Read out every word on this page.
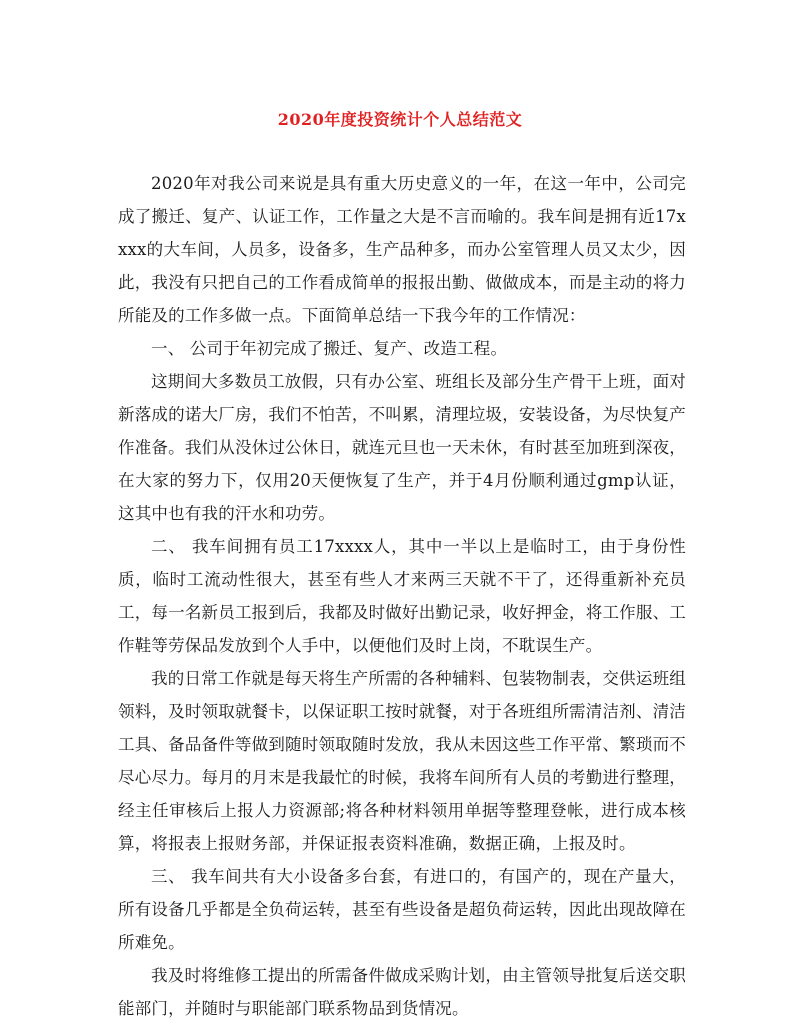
2020年度投资统计个人总结范文

2020年对我公司来说是具有重大历史意义的一年，在这一年中，公司完成了搬迁、复产、认证工作，工作量之大是不言而喻的。我车间是拥有近17xxxx的大车间，人员多，设备多，生产品种多，而办公室管理人员又太少，因此，我没有只把自己的工作看成简单的报报出勤、做做成本，而是主动的将力所能及的工作多做一点。下面简单总结一下我今年的工作情况：

一、 公司于年初完成了搬迁、复产、改造工程。

这期间大多数员工放假，只有办公室、班组长及部分生产骨干上班，面对新落成的诺大厂房，我们不怕苦，不叫累，清理垃圾，安装设备，为尽快复产作准备。我们从没休过公休日，就连元旦也一天未休，有时甚至加班到深夜，在大家的努力下，仅用20天便恢复了生产，并于4月份顺利通过gmp认证，这其中也有我的汗水和功劳。

二、 我车间拥有员工17xxxx人，其中一半以上是临时工，由于身份性质，临时工流动性很大，甚至有些人才来两三天就不干了，还得重新补充员工，每一名新员工报到后，我都及时做好出勤记录，收好押金，将工作服、工作鞋等劳保品发放到个人手中，以便他们及时上岗，不耽误生产。

我的日常工作就是每天将生产所需的各种辅料、包装物制表，交供运班组领料，及时领取就餐卡，以保证职工按时就餐，对于各班组所需清洁剂、清洁工具、备品备件等做到随时领取随时发放，我从未因这些工作平常、繁琐而不尽心尽力。每月的月末是我最忙的时候，我将车间所有人员的考勤进行整理，经主任审核后上报人力资源部;将各种材料领用单据等整理登帐，进行成本核算，将报表上报财务部，并保证报表资料准确，数据正确，上报及时。

三、 我车间共有大小设备多台套，有进口的，有国产的，现在产量大，所有设备几乎都是全负荷运转，甚至有些设备是超负荷运转，因此出现故障在所难免。

我及时将维修工提出的所需备件做成采购计划，由主管领导批复后送交职能部门，并随时与职能部门联系物品到货情况。
